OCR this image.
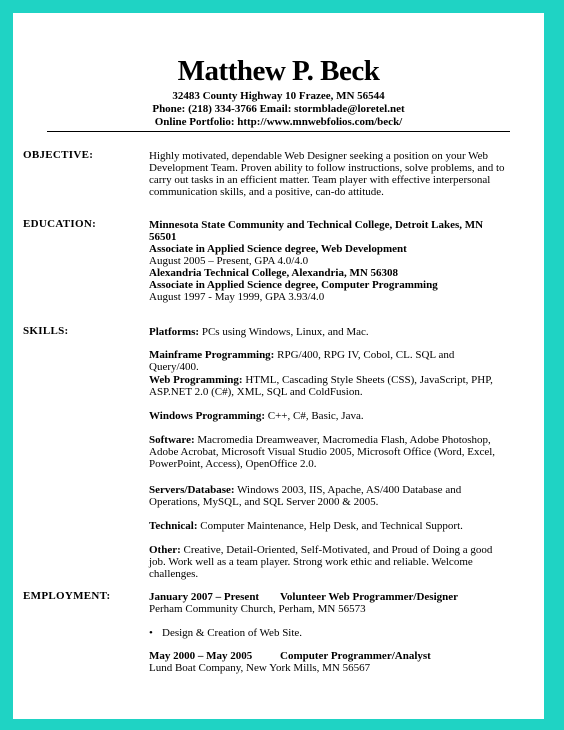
Matthew P. Beck
32483 County Highway 10 Frazee, MN 56544
Phone: (218) 334-3766 Email: stormblade@loretel.net
Online Portfolio: http://www.mnwebfolios.com/beck/
OBJECTIVE:	Highly motivated, dependable Web Designer seeking a position on your Web Development Team. Proven ability to follow instructions, solve problems, and to carry out tasks in an efficient matter. Team player with effective interpersonal communication skills, and a positive, can-do attitude.
EDUCATION:	Minnesota State Community and Technical College, Detroit Lakes, MN 56501
Associate in Applied Science degree, Web Development
August 2005 – Present, GPA 4.0/4.0
Alexandria Technical College, Alexandria, MN 56308
Associate in Applied Science degree, Computer Programming
August 1997 - May 1999, GPA 3.93/4.0
SKILLS:	Platforms: PCs using Windows, Linux, and Mac.
Mainframe Programming: RPG/400, RPG IV, Cobol, CL. SQL and Query/400.
Web Programming: HTML, Cascading Style Sheets (CSS), JavaScript, PHP, ASP.NET 2.0 (C#), XML, SQL and ColdFusion.
Windows Programming: C++, C#, Basic, Java.
Software: Macromedia Dreamweaver, Macromedia Flash, Adobe Photoshop, Adobe Acrobat, Microsoft Visual Studio 2005, Microsoft Office (Word, Excel, PowerPoint, Access), OpenOffice 2.0.
Servers/Database: Windows 2003, IIS, Apache, AS/400 Database and Operations, MySQL, and SQL Server 2000 & 2005.
Technical: Computer Maintenance, Help Desk, and Technical Support.
Other: Creative, Detail-Oriented, Self-Motivated, and Proud of Doing a good job. Work well as a team player. Strong work ethic and reliable. Welcome challenges.
EMPLOYMENT:	January 2007 – Present	Volunteer Web Programmer/Designer
Perham Community Church, Perham, MN 56573
• Design & Creation of Web Site.
May 2000 – May 2005	Computer Programmer/Analyst
Lund Boat Company, New York Mills, MN 56567
